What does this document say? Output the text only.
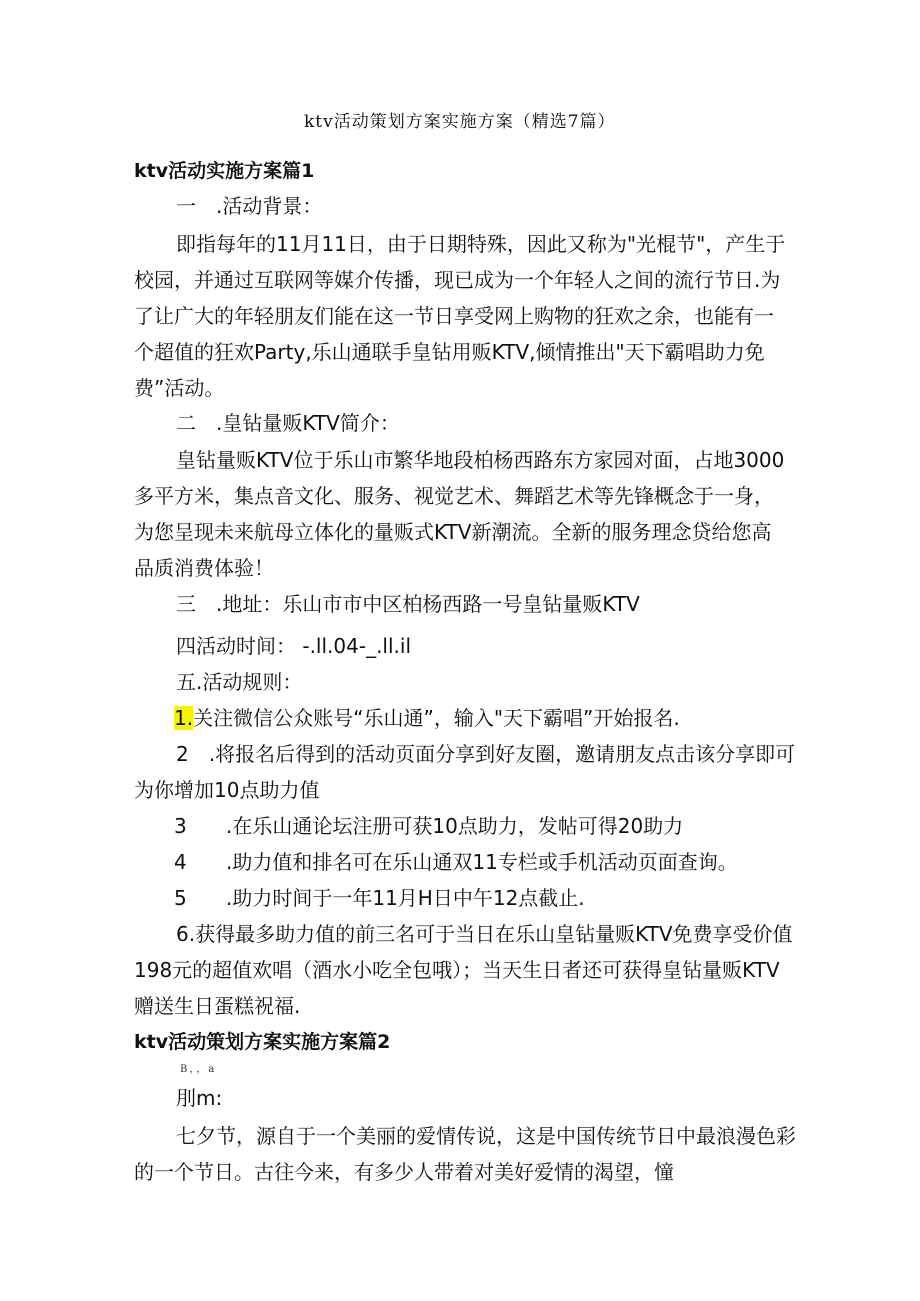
ktv活动策划方案实施方案（精选7篇）
ktv活动实施方案篇1
一　.活动背景：
即指每年的11月11日，由于日期特殊，因此又称为"光棍节"，产生于
校园，并通过互联网等媒介传播，现已成为一个年轻人之间的流行节日.为
了让广大的年轻朋友们能在这一节日享受网上购物的狂欢之余，也能有一
个超值的狂欢Party,乐山通联手皇钻用贩KTV,倾情推出"天下霸唱助力免
费”活动。
二　.皇钻量贩KTV简介：
皇钻量贩KTV位于乐山市繁华地段柏杨西路东方家园对面，占地3000
多平方米，集点音文化、服务、视觉艺术、舞蹈艺术等先锋概念于一身，
为您呈现未来航母立体化的量贩式KTV新潮流。全新的服务理念贷给您高
品质消费体验！
三　.地址：乐山市市中区柏杨西路一号皇钻量贩KTV
四活动时间： -.ll.04-_.ll.il
五.活动规则：
1.关注微信公众账号“乐山通”，输入"天下霸唱”开始报名.
2　.将报名后得到的活动页面分享到好友圈，邀请朋友点击该分享即可
为你增加10点助力值
3 .在乐山通论坛注册可获10点助力，发帖可得20助力
4 .助力值和排名可在乐山通双11专栏或手机活动页面查询。
5 .助力时间于一年11月H日中午12点截止.
6.获得最多助力值的前三名可于当日在乐山皇钻量贩KTV免费享受价值
198元的超值欢唱（酒水小吃全包哦）；当天生日者还可获得皇钻量贩KTV
赠送生日蛋糕祝福.
ktv活动策划方案实施方案篇2
B，，a
刖m:
七夕节，源自于一个美丽的爱情传说，这是中国传统节日中最浪漫色彩
的一个节日。古往今来，有多少人带着对美好爱情的渴望，憧
